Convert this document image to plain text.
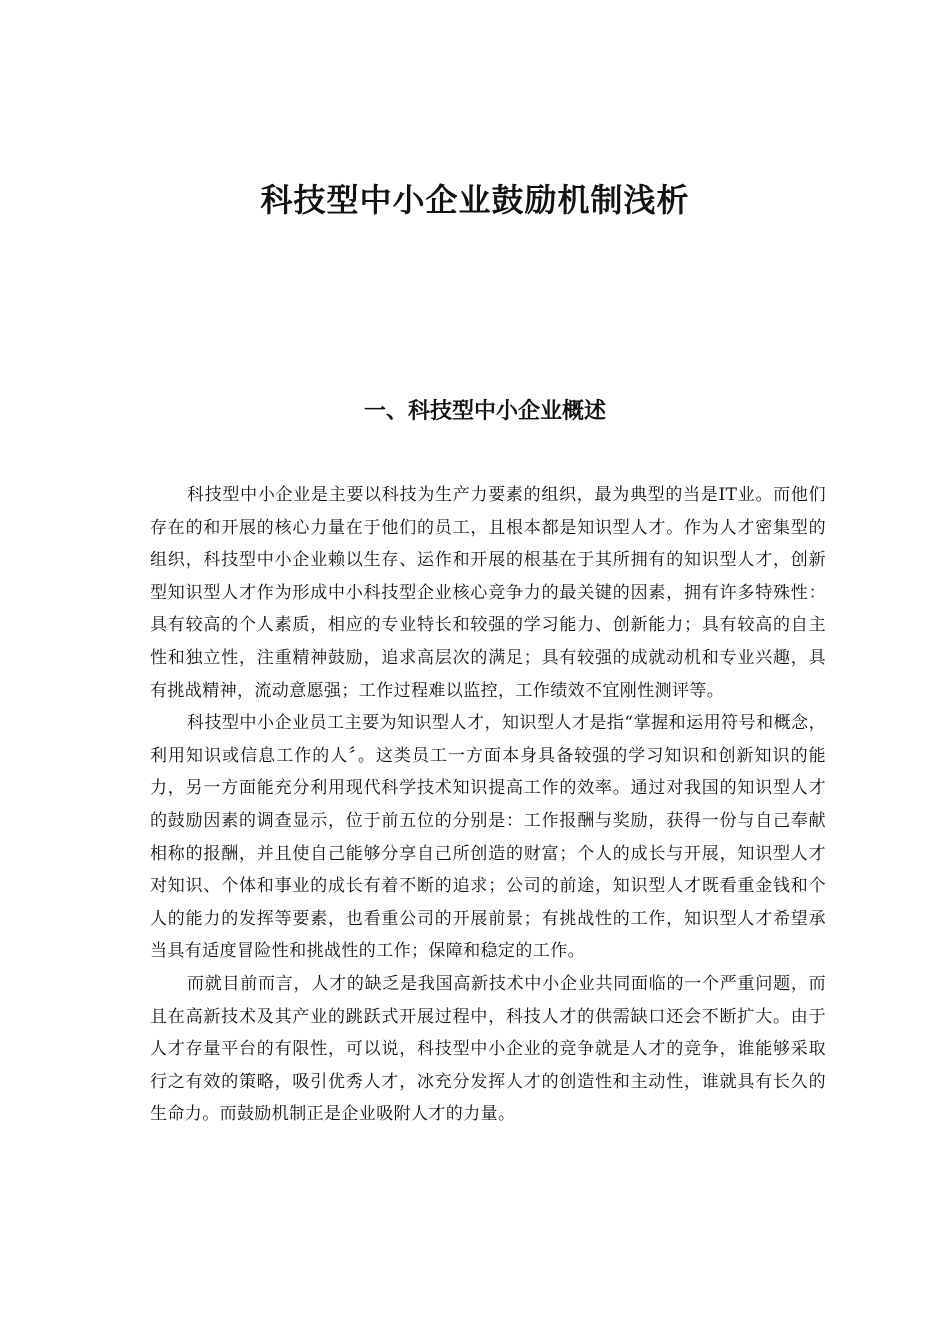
科技型中小企业鼓励机制浅析
一、科技型中小企业概述

科技型中小企业是主要以科技为生产力要素的组织，最为典型的当是IT业。而他们存在的和开展的核心力量在于他们的员工，且根本都是知识型人才。作为人才密集型的组织，科技型中小企业赖以生存、运作和开展的根基在于其所拥有的知识型人才，创新型知识型人才作为形成中小科技型企业核心竞争力的最关键的因素，拥有许多特殊性：具有较高的个人素质，相应的专业特长和较强的学习能力、创新能力；具有较高的自主性和独立性，注重精神鼓励，追求高层次的满足；具有较强的成就动机和专业兴趣，具有挑战精神，流动意愿强；工作过程难以监控，工作绩效不宜刚性测评等。

科技型中小企业员工主要为知识型人才，知识型人才是指“掌握和运用符号和概念，利用知识或信息工作的人〞。这类员工一方面本身具备较强的学习知识和创新知识的能力，另一方面能充分利用现代科学技术知识提高工作的效率。通过对我国的知识型人才的鼓励因素的调查显示，位于前五位的分别是：工作报酬与奖励，获得一份与自己奉献相称的报酬，并且使自己能够分享自己所创造的财富；个人的成长与开展，知识型人才对知识、个体和事业的成长有着不断的追求；公司的前途，知识型人才既看重金钱和个人的能力的发挥等要素，也看重公司的开展前景；有挑战性的工作，知识型人才希望承当具有适度冒险性和挑战性的工作；保障和稳定的工作。

而就目前而言，人才的缺乏是我国高新技术中小企业共同面临的一个严重问题，而且在高新技术及其产业的跳跃式开展过程中，科技人才的供需缺口还会不断扩大。由于人才存量平台的有限性，可以说，科技型中小企业的竞争就是人才的竞争，谁能够采取行之有效的策略，吸引优秀人才，冰充分发挥人才的创造性和主动性，谁就具有长久的生命力。而鼓励机制正是企业吸附人才的力量。
